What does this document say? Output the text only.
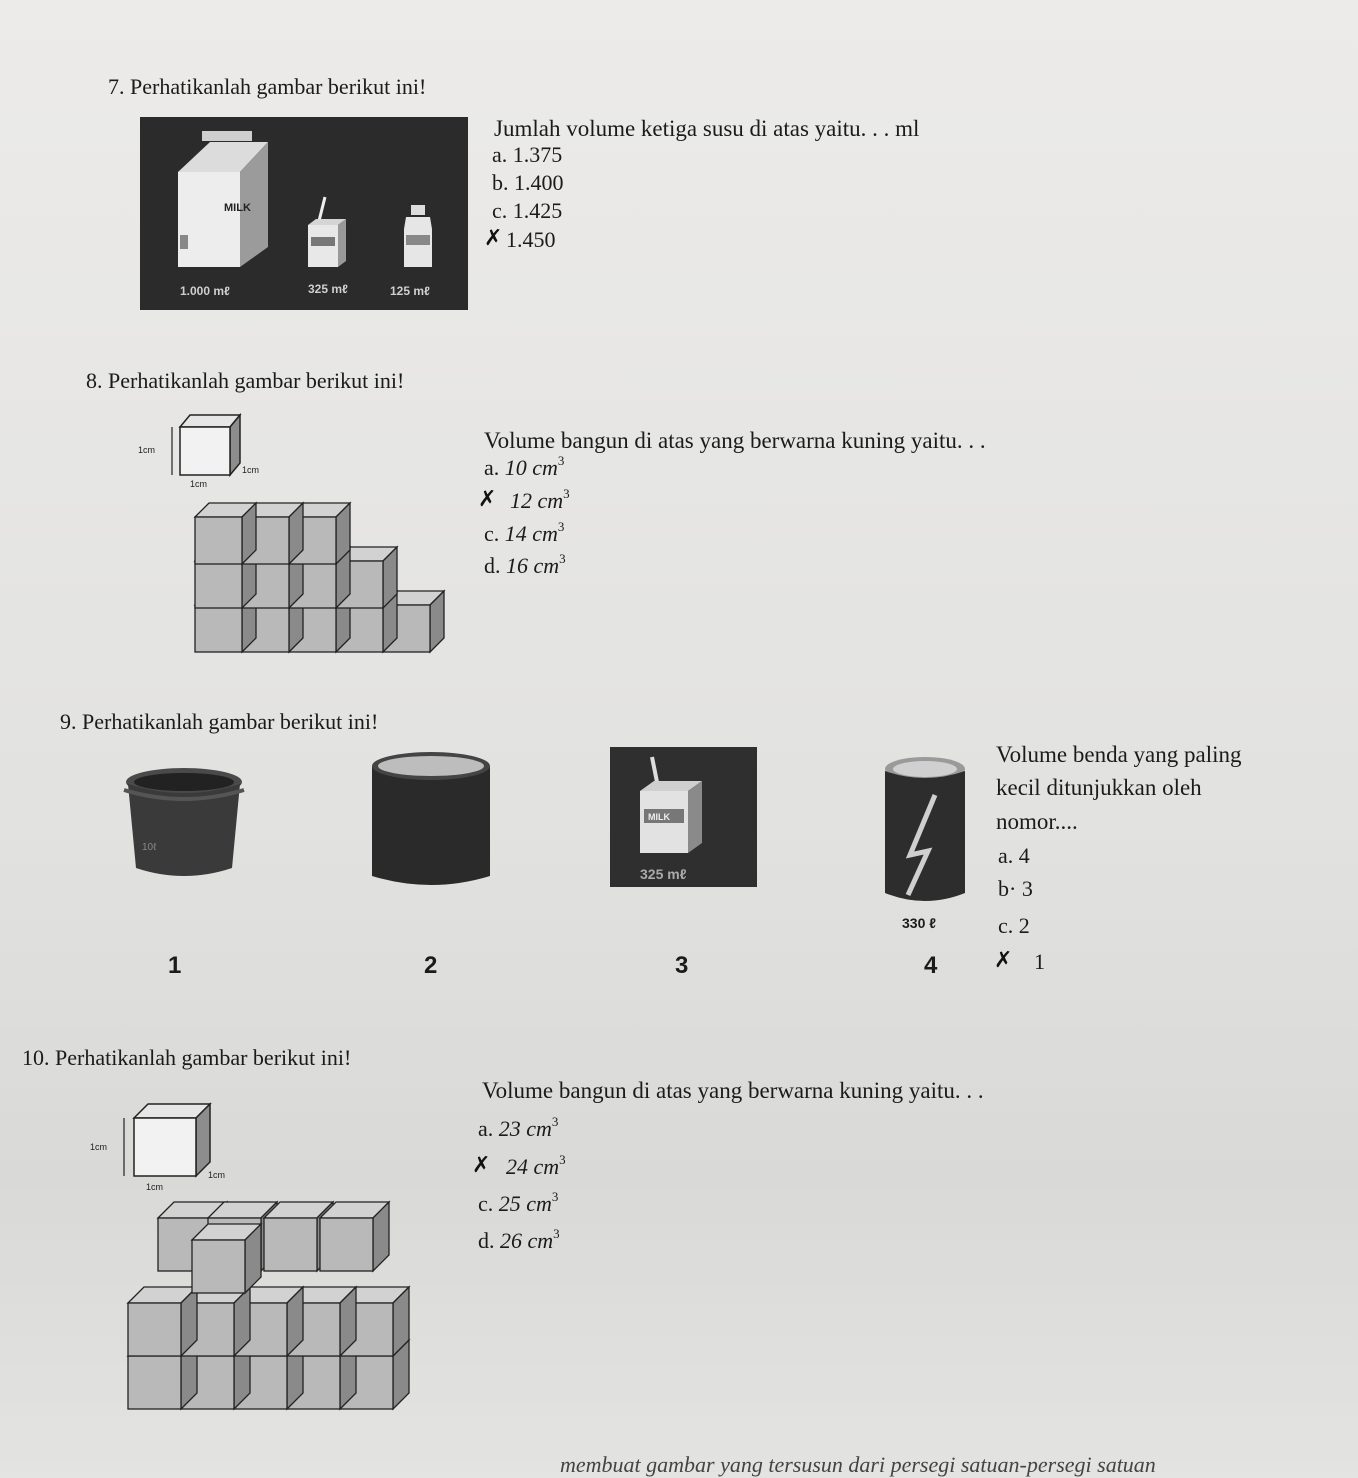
7. Perhatikanlah gambar berikut ini!
MILK
1.000 mℓ	325 mℓ	125 mℓ
Jumlah volume ketiga susu di atas yaitu. . . ml
a. 1.375
b. 1.400
c. 1.425
✗ 1.450
8. Perhatikanlah gambar berikut ini!
1cm
1cm
1cm
Volume bangun di atas yang berwarna kuning yaitu. . .
a. 10 $cm^3$
✗ 12 $cm^3$
c. 14 $cm^3$
d. 16 $cm^3$
9. Perhatikanlah gambar berikut ini!
10ℓ
MILK
325 mℓ
330 ℓ
1	2	3	4
Volume benda yang paling
kecil ditunjukkan oleh
nomor....
a. 4
b· 3
c. 2
✗ 1
10. Perhatikanlah gambar berikut ini!
1cm
1cm
1cm
Volume bangun di atas yang berwarna kuning yaitu. . .
a. 23 $cm^3$
✗ 24 $cm^3$
c. 25 $cm^3$
d. 26 $cm^3$
membuat gambar yang tersusun dari persegi satuan-persegi satuan
